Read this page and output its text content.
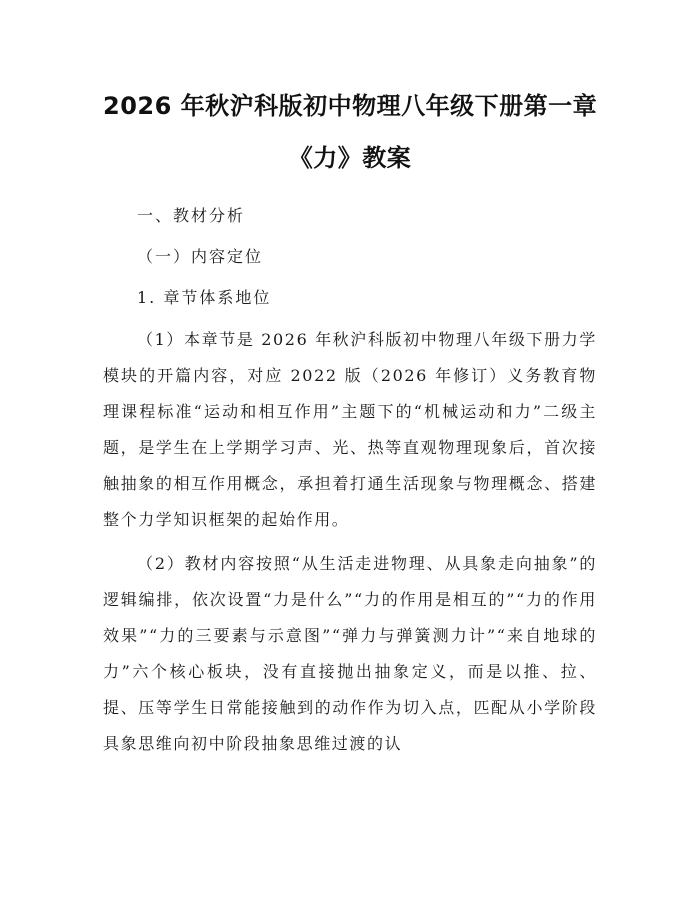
2026 年秋沪科版初中物理八年级下册第一章
《力》教案

一、教材分析

（一）内容定位

1. 章节体系地位

（1）本章节是 2026 年秋沪科版初中物理八年级下册力学模块的开篇内容，对应 2022 版（2026 年修订）义务教育物理课程标准“运动和相互作用”主题下的“机械运动和力”二级主题，是学生在上学期学习声、光、热等直观物理现象后，首次接触抽象的相互作用概念，承担着打通生活现象与物理概念、搭建整个力学知识框架的起始作用。

（2）教材内容按照“从生活走进物理、从具象走向抽象”的逻辑编排，依次设置“力是什么”“力的作用是相互的”“力的作用效果”“力的三要素与示意图”“弹力与弹簧测力计”“来自地球的力”六个核心板块，没有直接抛出抽象定义，而是以推、拉、提、压等学生日常能接触到的动作作为切入点，匹配从小学阶段具象思维向初中阶段抽象思维过渡的认
